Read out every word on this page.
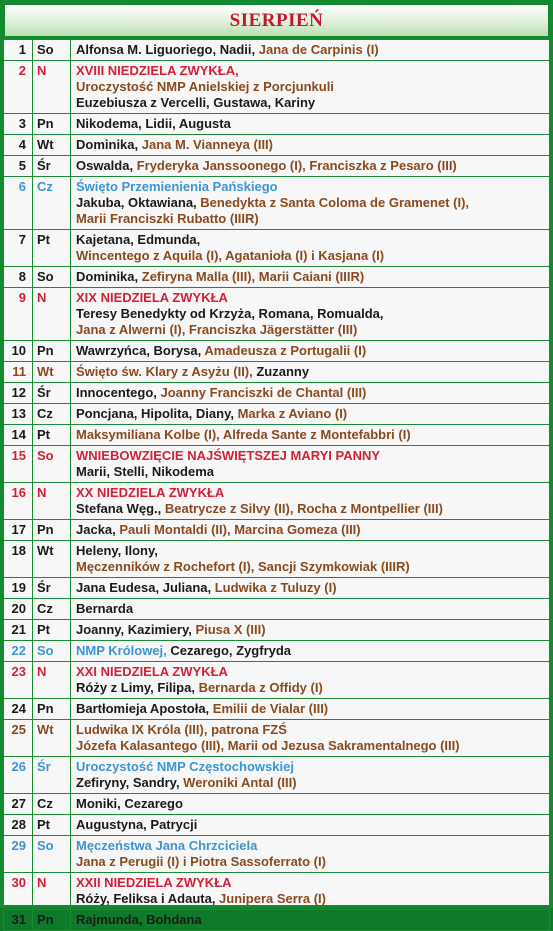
SIERPIEŃ
1	So	Alfonsa M. Liguoriego, Nadii, Jana de Carpinis (I)

2	N	XVIII NIEDZIELA ZWYKŁA,
Uroczystość NMP Anielskiej z Porcjunkuli
Euzebiusza z Vercelli, Gustawa, Kariny

3	Pn	Nikodema, Lidii, Augusta

4	Wt	Dominika, Jana M. Vianneya (III)

5	Śr	Oswalda, Fryderyka Janssoonego (I), Franciszka z Pesaro (III)

6	Cz	Święto Przemienienia Pańskiego
Jakuba, Oktawiana, Benedykta z Santa Coloma de Gramenet (I),
Marii Franciszki Rubatto (IIIR)

7	Pt	Kajetana, Edmunda,
Wincentego z Aquila (I), Agatanioła (I) i Kasjana (I)

8	So	Dominika, Zefiryna Malla (III), Marii Caiani (IIIR)

9	N	XIX NIEDZIELA ZWYKŁA
Teresy Benedykty od Krzyża, Romana, Romualda,
Jana z Alwerni (I), Franciszka Jägerstätter (III)

10	Pn	Wawrzyńca, Borysa, Amadeusza z Portugalii (I)

11	Wt	Święto św. Klary z Asyżu (II), Zuzanny

12	Śr	Innocentego, Joanny Franciszki de Chantal (III)

13	Cz	Poncjana, Hipolita, Diany, Marka z Aviano (I)

14	Pt	Maksymiliana Kolbe (I), Alfreda Sante z Montefabbri (I)

15	So	WNIEBOWZIĘCIE NAJŚWIĘTSZEJ MARYI PANNY
Marii, Stelli, Nikodema

16	N	XX NIEDZIELA ZWYKŁA
Stefana Węg., Beatrycze z Silvy (II), Rocha z Montpellier (III)

17	Pn	Jacka, Pauli Montaldi (II), Marcina Gomeza (III)

18	Wt	Heleny, Ilony,
Męczenników z Rochefort (I), Sancji Szymkowiak (IIIR)

19	Śr	Jana Eudesa, Juliana, Ludwika z Tuluzy (I)

20	Cz	Bernarda

21	Pt	Joanny, Kazimiery, Piusa X (III)

22	So	NMP Królowej, Cezarego, Zygfryda

23	N	XXI NIEDZIELA ZWYKŁA
Róży z Limy, Filipa, Bernarda z Offidy (I)

24	Pn	Bartłomieja Apostoła, Emilii de Vialar (III)

25	Wt	Ludwika IX Króla (III), patrona FZŚ
Józefa Kalasantego (III), Marii od Jezusa Sakramentalnego (III)

26	Śr	Uroczystość NMP Częstochowskiej
Zefiryny, Sandry, Weroniki Antal (III)

27	Cz	Moniki, Cezarego

28	Pt	Augustyna, Patrycji

29	So	Męczeństwa Jana Chrzciciela
Jana z Perugii (I) i Piotra Sassoferrato (I)

30	N	XXII NIEDZIELA ZWYKŁA
Róży, Feliksa i Adauta, Junipera Serra (I)

31	Pn	Rajmunda, Bohdana
